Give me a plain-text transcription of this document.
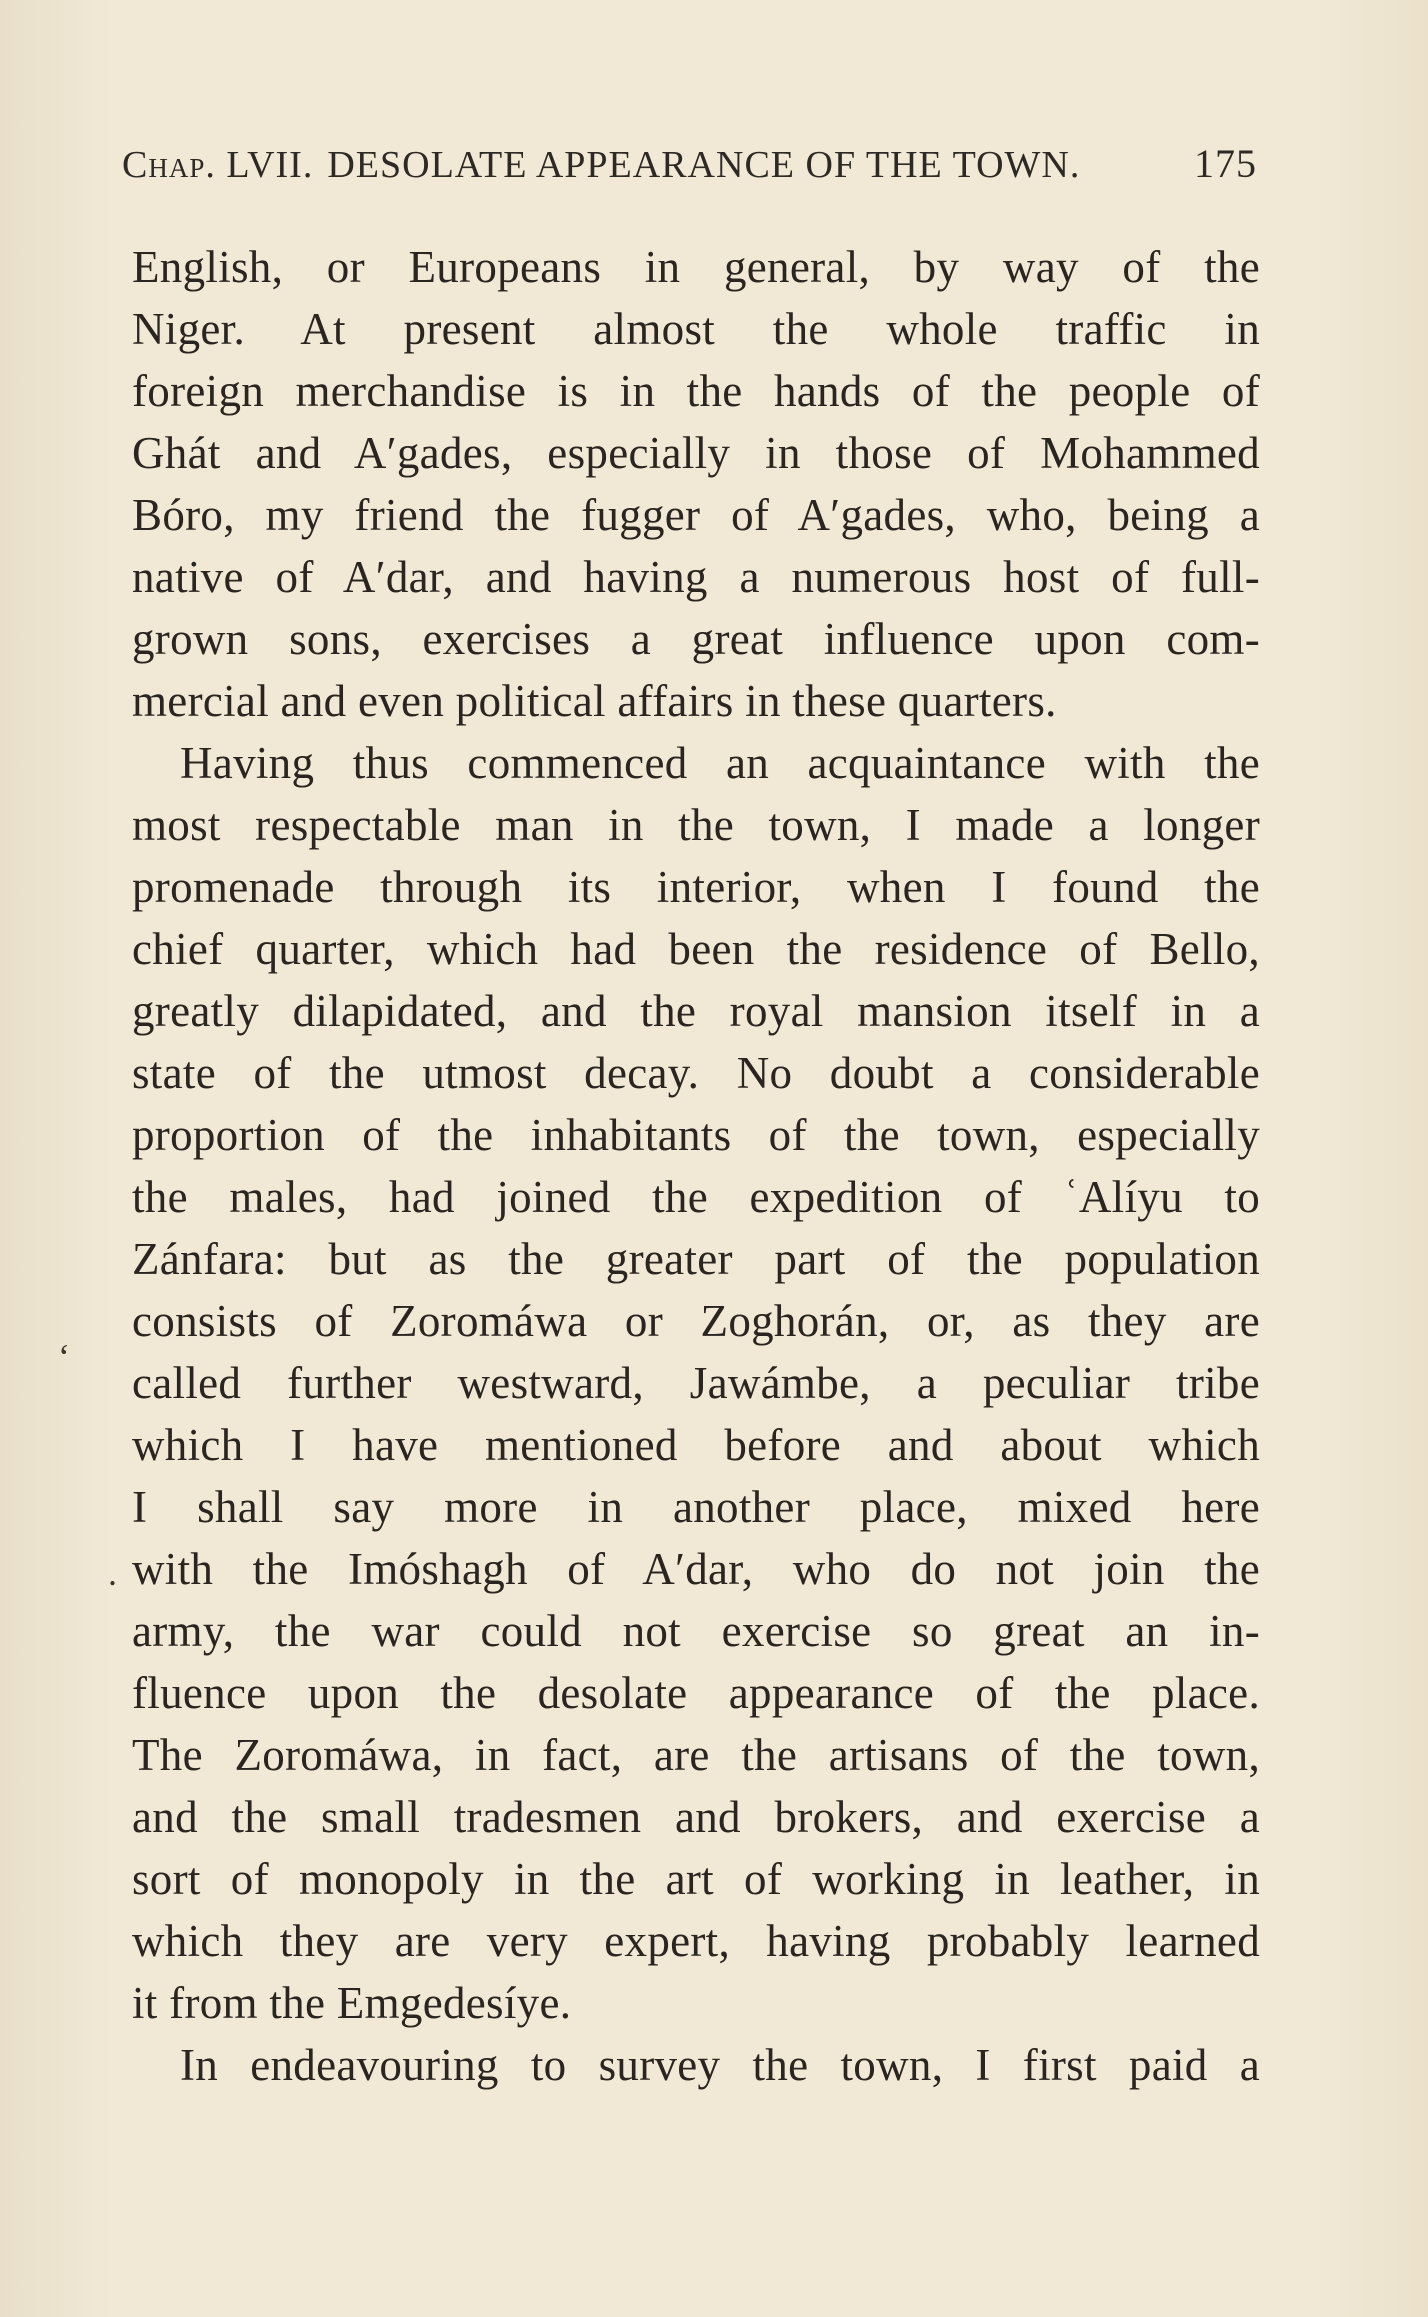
Chap. LVII. DESOLATE APPEARANCE OF THE TOWN.	175
English, or Europeans in general, by way of the
Niger. At present almost the whole traffic in
foreign merchandise is in the hands of the people of
Ghát and A′gades, especially in those of Mohammed
Bóro, my friend the fugger of A′gades, who, being a
native of A′dar, and having a numerous host of full-
grown sons, exercises a great influence upon com-
mercial and even political affairs in these quarters.
Having thus commenced an acquaintance with the
most respectable man in the town, I made a longer
promenade through its interior, when I found the
chief quarter, which had been the residence of Bello,
greatly dilapidated, and the royal mansion itself in a
state of the utmost decay. No doubt a considerable
proportion of the inhabitants of the town, especially
the males, had joined the expedition of ʿAlíyu to
Zánfara: but as the greater part of the population
consists of Zoromáwa or Zoghorán, or, as they are
called further westward, Jawámbe, a peculiar tribe
which I have mentioned before and about which
I shall say more in another place, mixed here
with the Imóshagh of A′dar, who do not join the
army, the war could not exercise so great an in-
fluence upon the desolate appearance of the place.
The Zoromáwa, in fact, are the artisans of the town,
and the small tradesmen and brokers, and exercise a
sort of monopoly in the art of working in leather, in
which they are very expert, having probably learned
it from the Emgedesíye.
In endeavouring to survey the town, I first paid a
‘
.
